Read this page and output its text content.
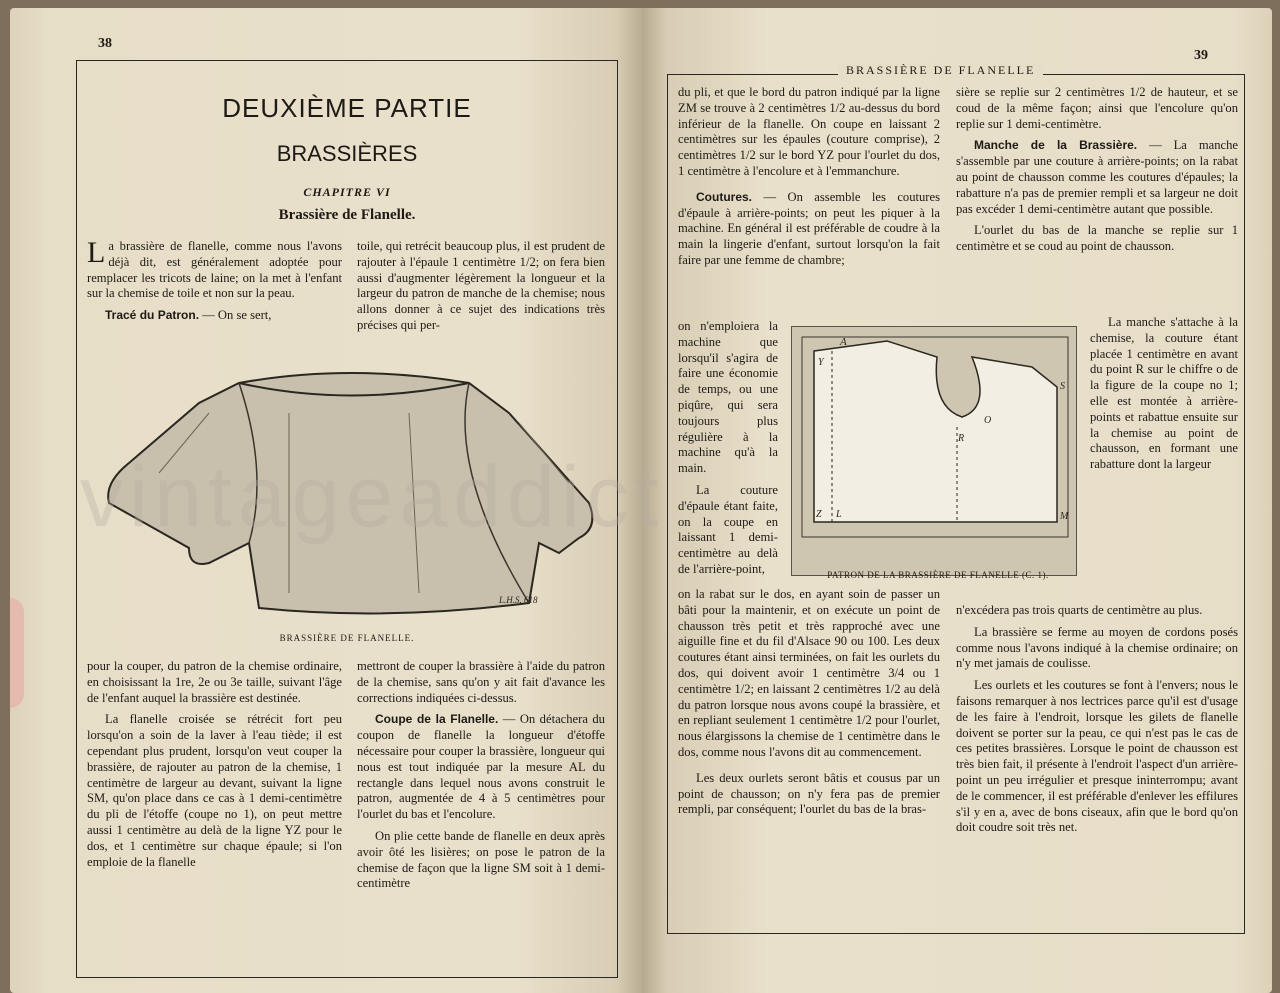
38
DEUXIÈME PARTIE
BRASSIÈRES
CHAPITRE VI
Brassière de Flanelle.

La brassière de flanelle, comme nous l'avons déjà dit, est généralement adoptée pour remplacer les tricots de laine; on la met à l'enfant sur la chemise de toile et non sur la peau.

Tracé du Patron. — On se sert,

toile, qui retrécit beaucoup plus, il est prudent de rajouter à l'épaule 1 centimètre 1/2; on fera bien aussi d'augmenter légèrement la longueur et la largeur du patron de manche de la chemise; nous allons donner à ce sujet des indications très précises qui per-

L.H.S. 618
BRASSIÈRE DE FLANELLE.

pour la couper, du patron de la chemise ordinaire, en choisissant la 1re, 2e ou 3e taille, suivant l'âge de l'enfant auquel la brassière est destinée.

La flanelle croisée se rétrécit fort peu lorsqu'on a soin de la laver à l'eau tiède; il est cependant plus prudent, lorsqu'on veut couper la brassière, de rajouter au patron de la chemise, 1 centimètre de largeur au devant, suivant la ligne SM, qu'on place dans ce cas à 1 demi-centimètre du pli de l'étoffe (coupe no 1), on peut mettre aussi 1 centimètre au delà de la ligne YZ pour le dos, et 1 centimètre sur chaque épaule; si l'on emploie de la flanelle

mettront de couper la brassière à l'aide du patron de la chemise, sans qu'on y ait fait d'avance les corrections indiquées ci-dessus.

Coupe de la Flanelle. — On détachera du coupon de flanelle la longueur d'étoffe nécessaire pour couper la brassière, longueur qui nous est tout indiquée par la mesure AL du rectangle dans lequel nous avons construit le patron, augmentée de 4 à 5 centimètres pour l'ourlet du bas et l'encolure.

On plie cette bande de flanelle en deux après avoir ôté les lisières; on pose le patron de la chemise de façon que la ligne SM soit à 1 demi-centimètre

39
BRASSIÈRE DE FLANELLE

du pli, et que le bord du patron indiqué par la ligne ZM se trouve à 2 centimètres 1/2 au-dessus du bord inférieur de la flanelle. On coupe en laissant 2 centimètres sur les épaules (couture comprise), 2 centimètres 1/2 sur le bord YZ pour l'ourlet du dos, 1 centimètre à l'encolure et à l'emmanchure.

Coutures. — On assemble les coutures d'épaule à arrière-points; on peut les piquer à la machine. En général il est préférable de coudre à la main la lingerie d'enfant, surtout lorsqu'on la fait faire par une femme de chambre;

on n'emploiera la machine que lorsqu'il s'agira de faire une économie de temps, ou une piqûre, qui sera toujours plus régulière à la machine qu'à la main.

La couture d'épaule étant faite, on la coupe en laissant 1 demi-centimètre au delà de l'arrière-point,

on la rabat sur le dos, en ayant soin de passer un bâti pour la maintenir, et on exécute un point de chausson très petit et très rapproché avec une aiguille fine et du fil d'Alsace 90 ou 100. Les deux coutures étant ainsi terminées, on fait les ourlets du dos, qui doivent avoir 1 centimètre 3/4 ou 1 centimètre 1/2; en laissant 2 centimètres 1/2 au delà du patron lorsque nous avons coupé la brassière, et en repliant seulement 1 centimètre 1/2 pour l'ourlet, nous élargissons la chemise de 1 centimètre dans le dos, comme nous l'avons dit au commencement.

Les deux ourlets seront bâtis et cousus par un point de chausson; on n'y fera pas de premier rempli, par conséquent; l'ourlet du bas de la bras-

sière se replie sur 2 centimètres 1/2 de hauteur, et se coud de la même façon; ainsi que l'encolure qu'on replie sur 1 demi-centimètre.

Manche de la Brassière. — La manche s'assemble par une couture à arrière-points; on la rabat au point de chausson comme les coutures d'épaules; la rabatture n'a pas de premier rempli et sa largeur ne doit pas excéder 1 demi-centimètre autant que possible.

L'ourlet du bas de la manche se replie sur 1 centimètre et se coud au point de chausson.

La manche s'attache à la chemise, la couture étant placée 1 centimètre en avant du point R sur le chiffre o de la figure de la coupe no 1; elle est montée à arrière-points et rabattue ensuite sur la chemise au point de chausson, en formant une rabatture dont la largeur

n'excédera pas trois quarts de centimètre au plus.

La brassière se ferme au moyen de cordons posés comme nous l'avons indiqué à la chemise ordinaire; on n'y met jamais de coulisse.

Les ourlets et les coutures se font à l'envers; nous le faisons remarquer à nos lectrices parce qu'il est d'usage de les faire à l'endroit, lorsque les gilets de flanelle doivent se porter sur la peau, ce qui n'est pas le cas de ces petites brassières. Lorsque le point de chausson est très bien fait, il présente à l'endroit l'aspect d'un arrière-point un peu irrégulier et presque ininterrompu; avant de le commencer, il est préférable d'enlever les effilures s'il y en a, avec de bons ciseaux, afin que le bord qu'on doit coudre soit très net.

A
Y
S
O
R
Z L	M
PATRON DE LA BRASSIÈRE DE FLANELLE (C. 1).
vintageaddict
